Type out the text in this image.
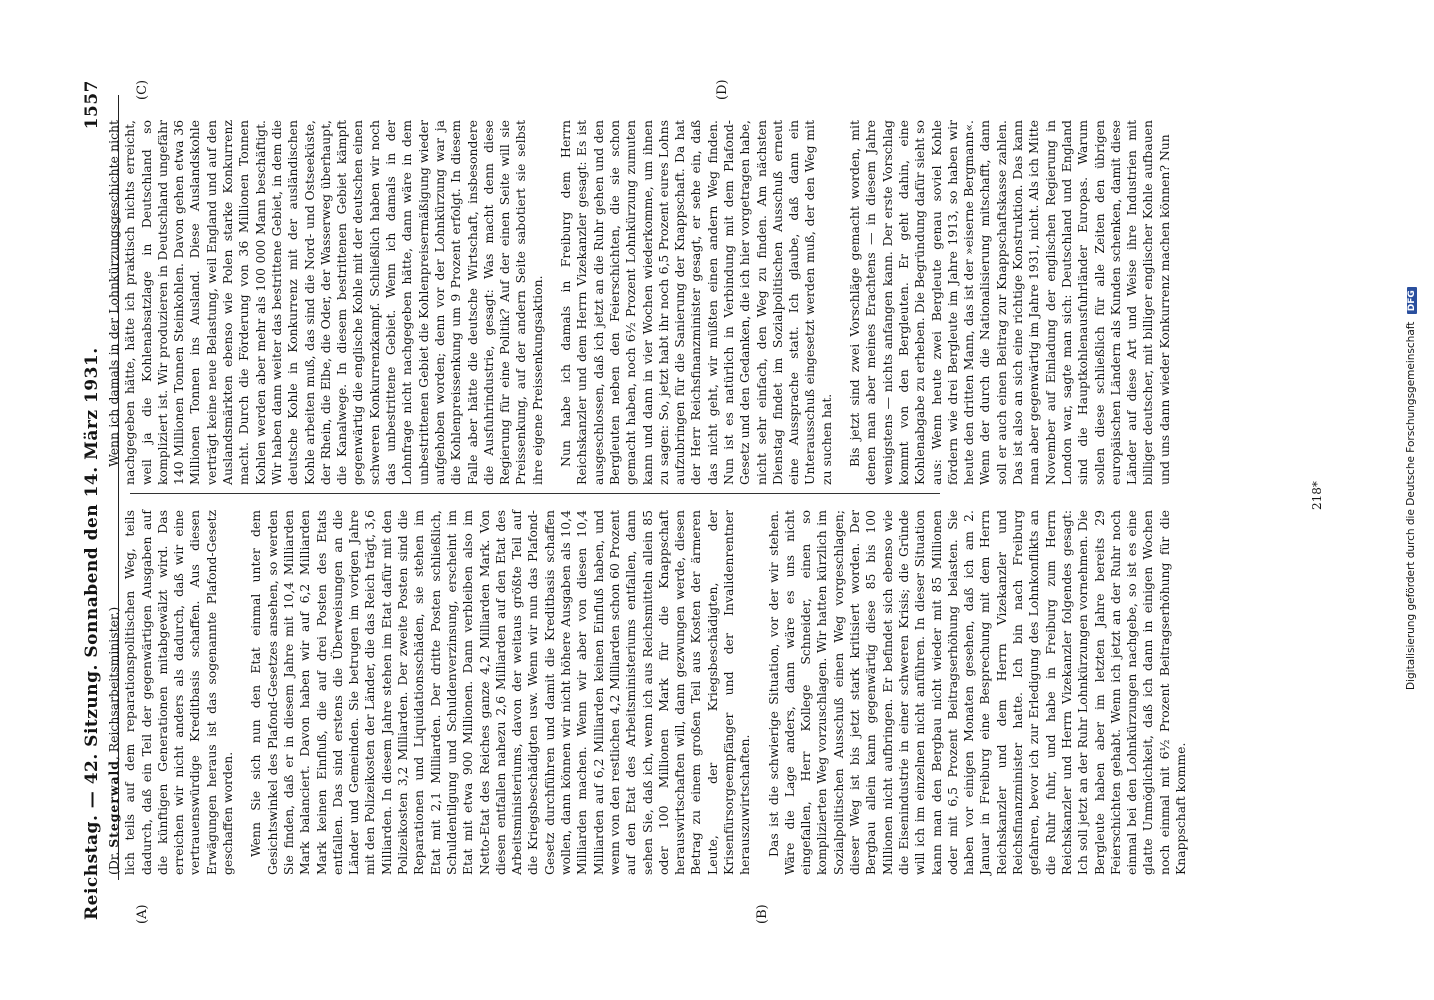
Reichstag. — 42. Sitzung. Sonnabend den 14. März 1931.
1557
(A)	(B)
(C)	(D)

(Dr. Stegerwald, Reichsarbeitsminister.)
lich teils auf dem reparationspolitischen Weg, teils dadurch, daß ein Teil der gegenwärtigen Ausgaben auf die künftigen Generationen mitabgewälzt wird. Das erreichen wir nicht anders als dadurch, daß wir eine vertrauenswürdige Kreditbasis schaffen. Aus diesen Erwägungen heraus ist das sogenannte Plafond-Gesetz geschaffen worden. Wenn Sie sich nun den Etat einmal unter dem Gesichtswinkel des Plafond-Gesetzes ansehen, so werden Sie finden, daß er in diesem Jahre mit 10,4 Milliarden Mark balanciert. Davon haben wir auf 6,2 Milliarden Mark keinen Einfluß, die auf drei Posten des Etats entfallen. Das sind erstens die Überweisungen an die Länder und Gemeinden. Sie betrugen im vorigen Jahre mit den Polizeikosten der Länder, die das Reich trägt, 3,6 Milliarden. In diesem Jahre stehen im Etat dafür mit den Polizeikosten 3,2 Milliarden. Der zweite Posten sind die Reparationen und Liquidationsschäden, sie stehen im Etat mit 2,1 Milliarden. Der dritte Posten schließlich, Schuldentilgung und Schuldenverzinsung, erscheint im Etat mit etwa 900 Millionen. Dann verbleiben also im Netto-Etat des Reiches ganze 4,2 Milliarden Mark. Von diesen entfallen nahezu 2,6 Milliarden auf den Etat des Arbeitsministeriums, davon der weitaus größte Teil auf die Kriegsbeschädigten usw. Wenn wir nun das Plafond-Gesetz durchführen und damit die Kreditbasis schaffen wollen, dann können wir nicht höhere Ausgaben als 10,4 Milliarden machen. Wenn wir aber von diesen 10,4 Milliarden auf 6,2 Milliarden keinen Einfluß haben, und wenn von den restlichen 4,2 Milliarden schon 60 Prozent auf den Etat des Arbeitsministeriums entfallen, dann sehen Sie, daß ich, wenn ich aus Reichsmitteln allein 85 oder 100 Millionen Mark für die Knappschaft herauswirtschaften will, dann gezwungen werde, diesen Betrag zu einem großen Teil aus Kosten der ärmeren Leute, der Kriegsbeschädigten, der Krisenfürsorgeempfänger und der Invalidenrentner herauszuwirtschaften. Das ist die schwierige Situation, vor der wir stehen. Wäre die Lage anders, dann wäre es uns nicht eingefallen, Herr Kollege Schneider, einen so komplizierten Weg vorzuschlagen. Wir hatten kürzlich im Sozialpolitischen Ausschuß einen Weg vorgeschlagen; dieser Weg ist bis jetzt stark kritisiert worden. Der Bergbau allein kann gegenwärtig diese 85 bis 100 Millionen nicht aufbringen. Er befindet sich ebenso wie die Eisenindustrie in einer schweren Krisis; die Gründe will ich im einzelnen nicht anführen. In dieser Situation kann man den Bergbau nicht wieder mit 85 Millionen oder mit 6,5 Prozent Beitragserhöhung belasten. Sie haben vor einigen Monaten gesehen, daß ich am 2. Januar in Freiburg eine Besprechung mit dem Herrn Reichskanzler und dem Herrn Vizekanzler und Reichsfinanzminister hatte. Ich bin nach Freiburg gefahren, bevor ich zur Erledigung des Lohnkonflikts an die Ruhr fuhr, und habe in Freiburg zum Herrn Reichskanzler und Herrn Vizekanzler folgendes gesagt: Ich soll jetzt an der Ruhr Lohnkürzungen vornehmen. Die Bergleute haben aber im letzten Jahre bereits 29 Feierschichten gehabt. Wenn ich jetzt an der Ruhr noch einmal bei den Lohnkürzungen nachgebe, so ist es eine glatte Unmöglichkeit, daß ich dann in einigen Wochen noch einmal mit 6½ Prozent Beitragserhöhung für die Knappschaft komme.

Wenn ich damals in der Lohnkürzungsgeschichte nicht nachgegeben hätte, hätte ich praktisch nichts erreicht, weil ja die Kohlenabsatzlage in Deutschland so kompliziert ist. Wir produzieren in Deutschland ungefähr 140 Millionen Tonnen Steinkohlen. Davon gehen etwa 36 Millionen Tonnen ins Ausland. Diese Auslandskohle verträgt keine neue Belastung, weil England und auf den Auslandsmärkten ebenso wie Polen starke Konkurrenz macht. Durch die Förderung von 36 Millionen Tonnen Kohlen werden aber mehr als 100 000 Mann beschäftigt. Wir haben dann weiter das bestrittene Gebiet, in dem die deutsche Kohle in Konkurrenz mit der ausländischen Kohle arbeiten muß, das sind die Nord- und Ostseeküste, der Rhein, die Elbe, die Oder, der Wasserweg überhaupt, die Kanalwege. In diesem bestrittenen Gebiet kämpft gegenwärtig die englische Kohle mit der deutschen einen schweren Konkurrenzkampf. Schließlich haben wir noch das unbestrittene Gebiet. Wenn ich damals in der Lohnfrage nicht nachgegeben hätte, dann wäre in dem unbestrittenen Gebiet die Kohlenpreisermäßigung wieder aufgehoben worden; denn vor der Lohnkürzung war ja die Kohlenpreissenkung um 9 Prozent erfolgt. In diesem Falle aber hätte die deutsche Wirtschaft, insbesondere die Ausfuhrindustrie, gesagt: Was macht denn diese Regierung für eine Politik? Auf der einen Seite will sie Preissenkung, auf der andern Seite sabotiert sie selbst ihre eigene Preissenkungsaktion. Nun habe ich damals in Freiburg dem Herrn Reichskanzler und dem Herrn Vizekanzler gesagt: Es ist ausgeschlossen, daß ich jetzt an die Ruhr gehen und den Bergleuten neben den Feierschichten, die sie schon gemacht haben, noch 6½ Prozent Lohnkürzung zumuten kann und dann in vier Wochen wiederkomme, um ihnen zu sagen: So, jetzt habt ihr noch 6,5 Prozent eures Lohns aufzubringen für die Sanierung der Knappschaft. Da hat der Herr Reichsfinanzminister gesagt, er sehe ein, daß das nicht geht, wir müßten einen andern Weg finden. Nun ist es natürlich in Verbindung mit dem Plafond-Gesetz und den Gedanken, die ich hier vorgetragen habe, nicht sehr einfach, den Weg zu finden. Am nächsten Dienstag findet im Sozialpolitischen Ausschuß erneut eine Aussprache statt. Ich glaube, daß dann ein Unterausschuß eingesetzt werden muß, der den Weg mit zu suchen hat. Bis jetzt sind zwei Vorschläge gemacht worden, mit denen man aber meines Erachtens — in diesem Jahre wenigstens — nichts anfangen kann. Der erste Vorschlag kommt von den Bergleuten. Er geht dahin, eine Kohlenabgabe zu erheben. Die Begründung dafür sieht so aus: Wenn heute zwei Bergleute genau soviel Kohle fördern wie drei Bergleute im Jahre 1913, so haben wir heute den dritten Mann, das ist der »eiserne Bergmann«. Wenn der durch die Nationalisierung mitschafft, dann soll er auch einen Beitrag zur Knappschaftskasse zahlen. Das ist also an sich eine richtige Konstruktion. Das kann man aber gegenwärtig im Jahre 1931, nicht. Als ich Mitte November auf Einladung der englischen Regierung in London war, sagte man sich: Deutschland und England sind die Hauptkohlenausfuhrländer Europas. Warum sollen diese schließlich für alle Zeiten den übrigen europäischen Ländern als Kunden schenken, damit diese Länder auf diese Art und Weise ihre Industrien mit billiger deutscher, mit billiger englischer Kohle aufbauen und uns dann wieder Konkurrenz machen können? Nun

218*	Digitalisierung gefördert durch die Deutsche Forschungsgemeinschaft DFG
